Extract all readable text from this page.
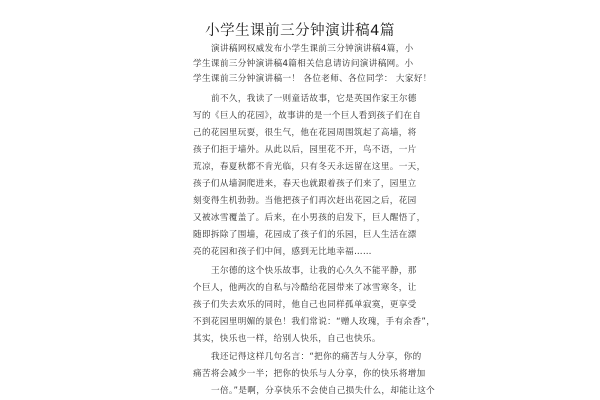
小学生课前三分钟演讲稿4篇
演讲稿网权威发布小学生课前三分钟演讲稿4篇，小
学生课前三分钟演讲稿4篇相关信息请访问演讲稿网。小
学生课前三分钟演讲稿一！ 各位老师、各位同学： 大家好！
前不久，我读了一则童话故事，它是英国作家王尔德
写的《巨人的花园》，故事讲的是一个巨人看到孩子们在自
己的花园里玩耍，很生气，他在花园周围筑起了高墙，将
孩子们拒于墙外。从此以后，园里花不开，鸟不语，一片
荒凉，春夏秋都不肯光临，只有冬天永远留在这里。一天，
孩子们从墙洞爬进来，春天也就跟着孩子们来了，园里立
刻变得生机勃勃。当他把孩子们再次赶出花园之后，花园
又被冰雪覆盖了。后来，在小男孩的启发下，巨人醒悟了，
随即拆除了围墙，花园成了孩子们的乐园，巨人生活在漂
亮的花园和孩子们中间，感到无比地幸福……
王尔德的这个快乐故事，让我的心久久不能平静，那
个巨人，他两次的自私与冷酷给花园带来了冰雪寒冬，让
孩子们失去欢乐的同时，他自己也同样孤单寂寞，更享受
不到花园里明媚的景色！我们常说：“赠人玫瑰，手有余香”，
其实，快乐也一样，给别人快乐，自己也快乐。
我还记得这样几句名言：“把你的痛苦与人分享，你的
痛苦将会减少一半；把你的快乐与人分享，你的快乐将增加
一倍。”是啊，分享快乐不会使自己损失什么，却能让这个
